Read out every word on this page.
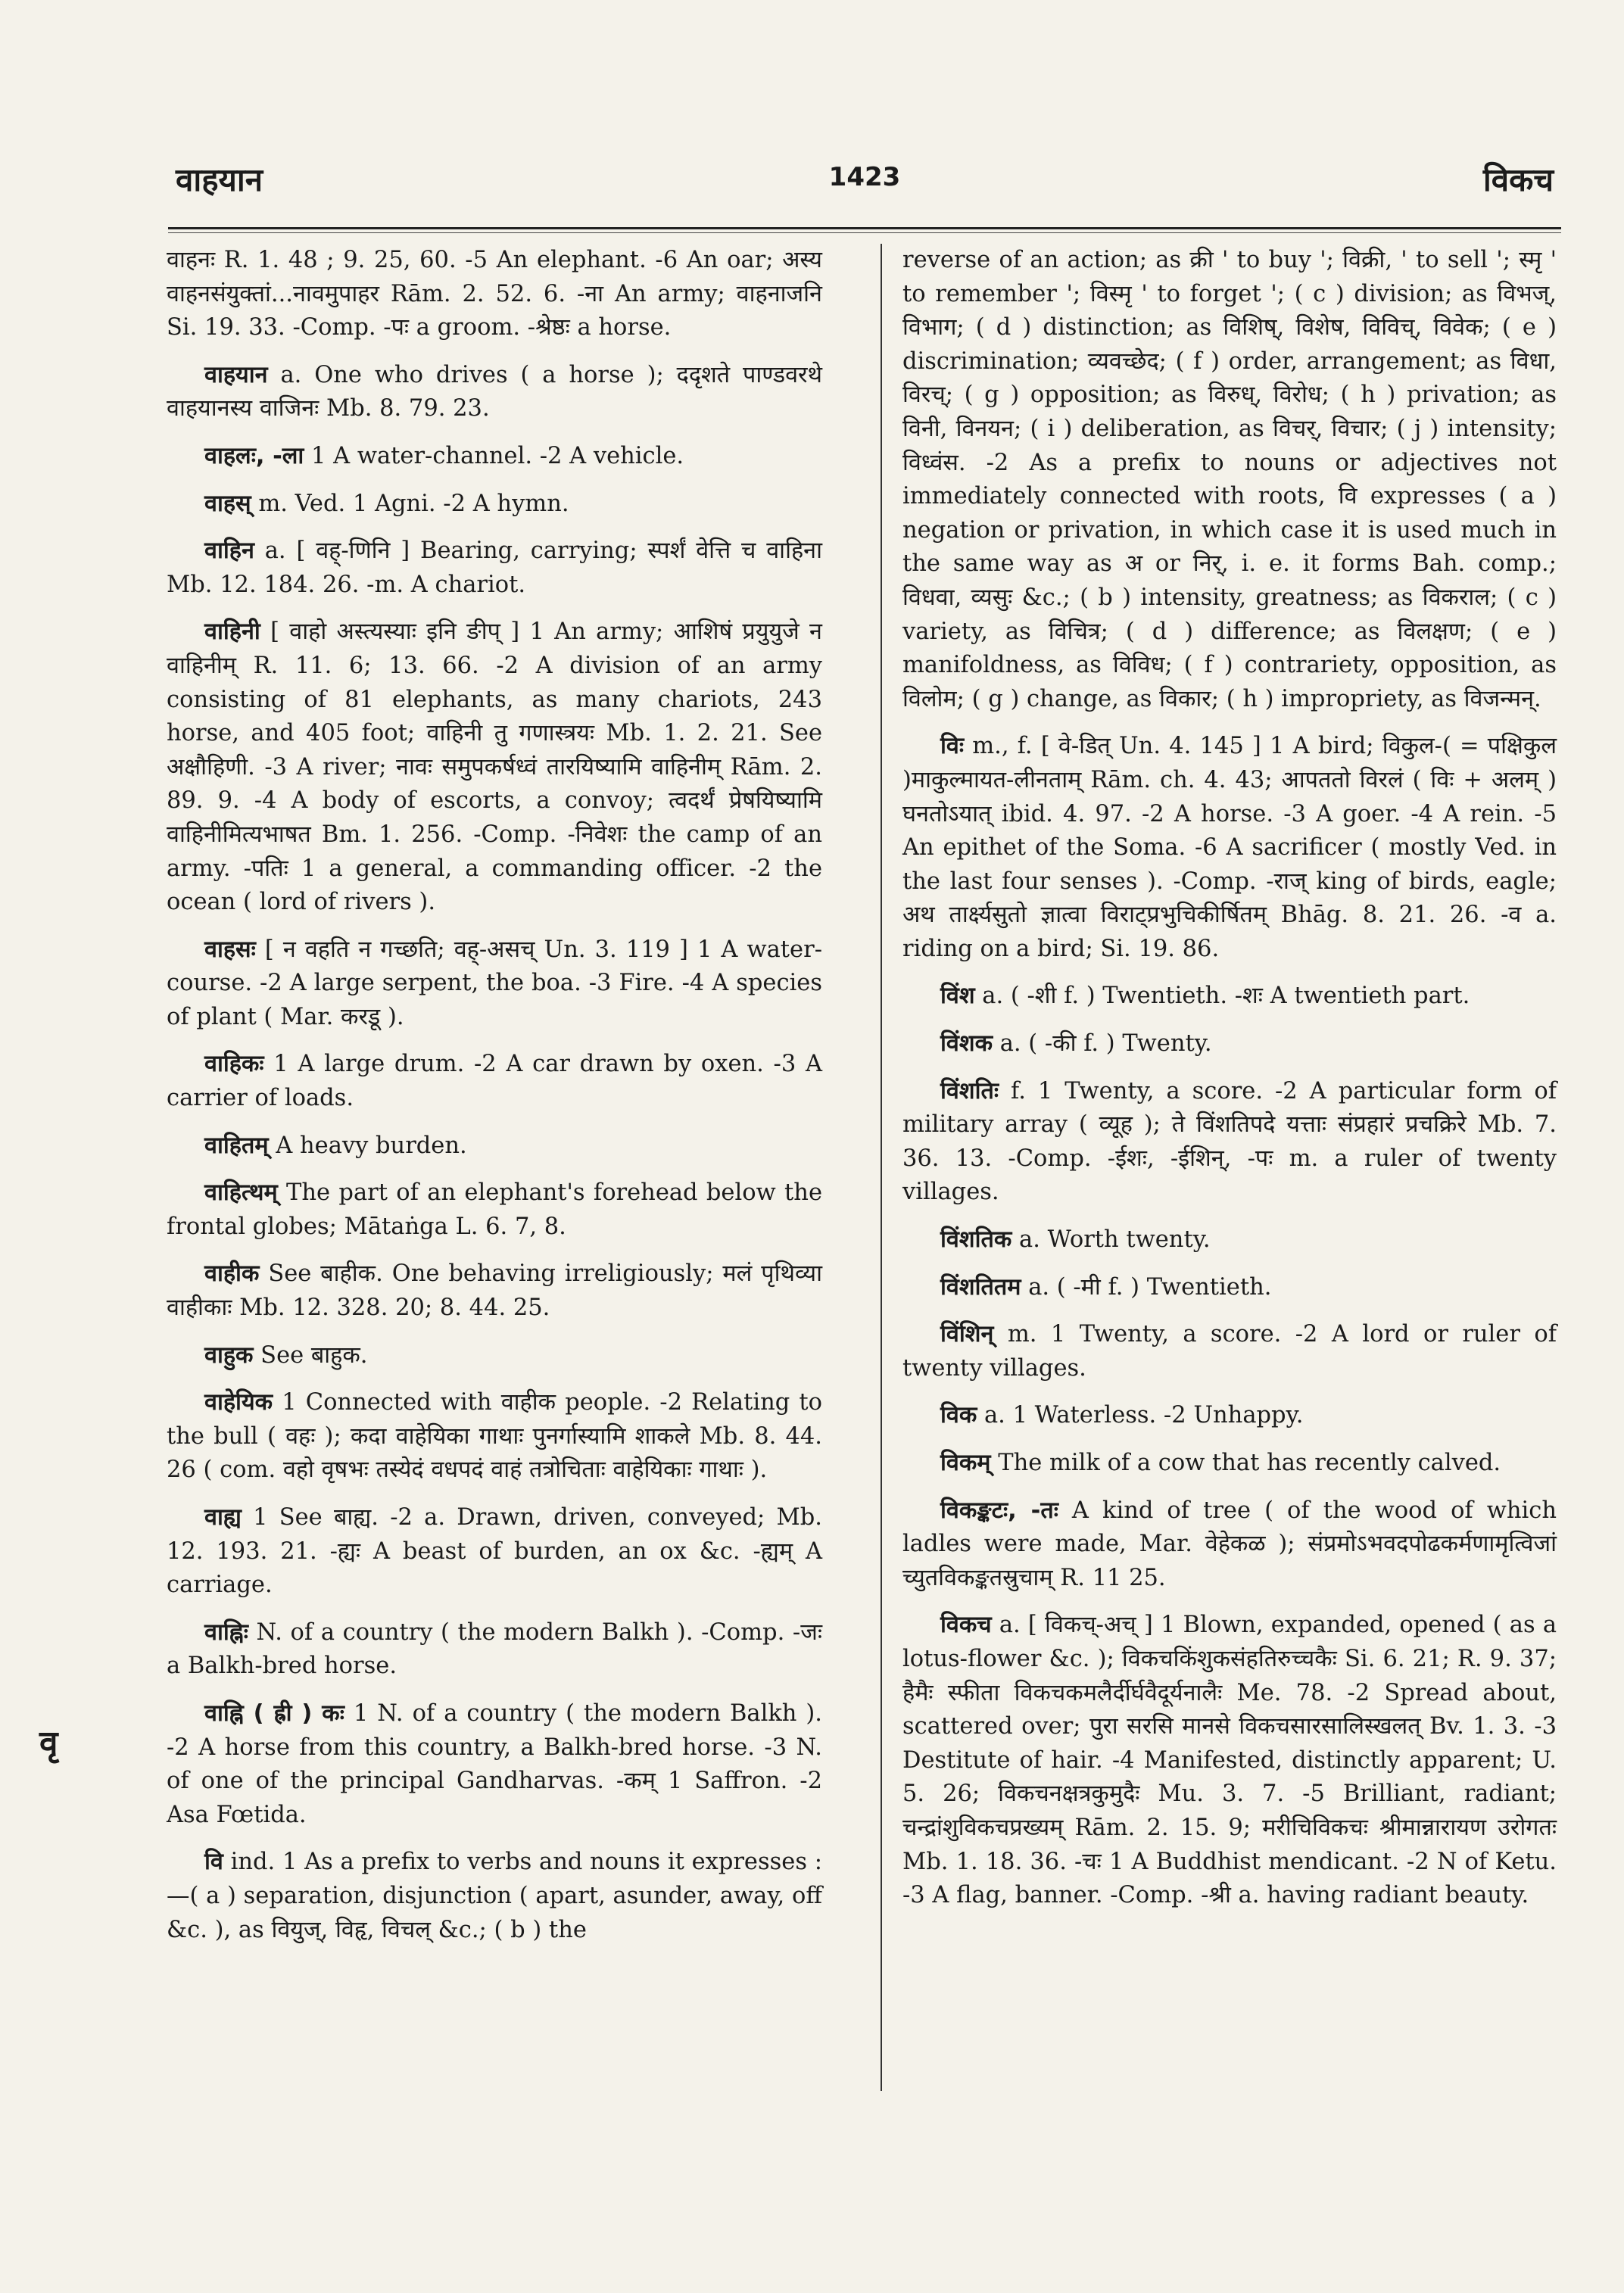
वाहयान	1423	विकच
वृ

वाहनः R. 1. 48 ; 9. 25, 60. -5 An elephant. -6 An oar; अस्य वाहनसंयुक्तां...नावमुपाहर Rām. 2. 52. 6. -ना An army; वाहनाजनि Si. 19. 33. -Comp. -पः a groom. -श्रेष्ठः a horse.

वाहयान a. One who drives ( a horse ); ददृशते पाण्डवरथे वाहयानस्य वाजिनः Mb. 8. 79. 23.

वाहलः, -ला 1 A water-channel. -2 A vehicle.

वाहस् m. Ved. 1 Agni. -2 A hymn.

वाहिन a. [ वह्-णिनि ] Bearing, carrying; स्पर्शं वेत्ति च वाहिना Mb. 12. 184. 26. -m. A chariot.

वाहिनी [ वाहो अस्त्यस्याः इनि ङीप् ] 1 An army; आशिषं प्रयुयुजे न वाहिनीम् R. 11. 6; 13. 66. -2 A division of an army consisting of 81 elephants, as many chariots, 243 horse, and 405 foot; वाहिनी तु गणास्त्रयः Mb. 1. 2. 21. See अक्षौहिणी. -3 A river; नावः समुपकर्षध्वं तारयिष्यामि वाहिनीम् Rām. 2. 89. 9. -4 A body of escorts, a convoy; त्वदर्थं प्रेषयिष्यामि वाहिनीमित्यभाषत Bm. 1. 256. -Comp. -निवेशः the camp of an army. -पतिः 1 a general, a commanding officer. -2 the ocean ( lord of rivers ).

वाहसः [ न वहति न गच्छति; वह्-असच् Un. 3. 119 ] 1 A water-course. -2 A large serpent, the boa. -3 Fire. -4 A species of plant ( Mar. करडू ).

वाहिकः 1 A large drum. -2 A car drawn by oxen. -3 A carrier of loads.

वाहितम् A heavy burden.

वाहित्थम् The part of an elephant's forehead below the frontal globes; Mātaṅga L. 6. 7, 8.

वाहीक See बाहीक. One behaving irreligiously; मलं पृथिव्या वाहीकाः Mb. 12. 328. 20; 8. 44. 25.

वाहुक See बाहुक.

वाहेयिक 1 Connected with वाहीक people. -2 Relating to the bull ( वहः ); कदा वाहेयिका गाथाः पुनर्गास्यामि शाकले Mb. 8. 44. 26 ( com. वहो वृषभः तस्येदं वधपदं वाहं तत्रोचिताः वाहेयिकाः गाथाः ).

वाह्य 1 See बाह्य. -2 a. Drawn, driven, conveyed; Mb. 12. 193. 21. -ह्यः A beast of burden, an ox &c. -ह्यम् A carriage.

वाह्निः N. of a country ( the modern Balkh ). -Comp. -जः a Balkh-bred horse.

वाह्नि ( ह्री ) कः 1 N. of a country ( the modern Balkh ). -2 A horse from this country, a Balkh-bred horse. -3 N. of one of the principal Gandharvas. -कम् 1 Saffron. -2 Asa Fœtida.

वि ind. 1 As a prefix to verbs and nouns it expresses :—( a ) separation, disjunction ( apart, asunder, away, off &c. ), as वियुज्, विहृ, विचल् &c.; ( b ) the

reverse of an action; as क्री ' to buy '; विक्री, ' to sell '; स्मृ ' to remember '; विस्मृ ' to forget '; ( c ) division; as विभज्, विभाग; ( d ) distinction; as विशिष्, विशेष, विविच्, विवेक; ( e ) discrimination; व्यवच्छेद; ( f ) order, arrangement; as विधा, विरच्; ( g ) opposition; as विरुध्, विरोध; ( h ) privation; as विनी, विनयन; ( i ) deliberation, as विचर्, विचार; ( j ) intensity; विध्वंस. -2 As a prefix to nouns or adjectives not immediately connected with roots, वि expresses ( a ) negation or privation, in which case it is used much in the same way as अ or निर्, i. e. it forms Bah. comp.; विधवा, व्यसुः &c.; ( b ) intensity, greatness; as विकराल; ( c ) variety, as विचित्र; ( d ) difference; as विलक्षण; ( e ) manifoldness, as विविध; ( f ) contrariety, opposition, as विलोम; ( g ) change, as विकार; ( h ) impropriety, as विजन्मन्.

विः m., f. [ वे-डित् Un. 4. 145 ] 1 A bird; विकुल-( = पक्षिकुल )माकुल्मायत-लीनताम् Rām. ch. 4. 43; आपततो विरलं ( विः + अलम् ) घनतोऽयात् ibid. 4. 97. -2 A horse. -3 A goer. -4 A rein. -5 An epithet of the Soma. -6 A sacrificer ( mostly Ved. in the last four senses ). -Comp. -राज् king of birds, eagle; अथ तार्क्ष्यसुतो ज्ञात्वा विराट्प्रभुचिकीर्षितम् Bhāg. 8. 21. 26. -व a. riding on a bird; Si. 19. 86.

विंश a. ( -शी f. ) Twentieth. -शः A twentieth part.

विंशक a. ( -की f. ) Twenty.

विंशतिः f. 1 Twenty, a score. -2 A particular form of military array ( व्यूह ); ते विंशतिपदे यत्ताः संप्रहारं प्रचक्रिरे Mb. 7. 36. 13. -Comp. -ईशः, -ईशिन्, -पः m. a ruler of twenty villages.

विंशतिक a. Worth twenty.

विंशतितम a. ( -मी f. ) Twentieth.

विंशिन् m. 1 Twenty, a score. -2 A lord or ruler of twenty villages.

विक a. 1 Waterless. -2 Unhappy.

विकम् The milk of a cow that has recently calved.

विकङ्कटः, -तः A kind of tree ( of the wood of which ladles were made, Mar. वेहेकळ ); संप्रमोऽभवदपोढकर्मणामृत्विजां च्युतविकङ्कतस्रुचाम् R. 11 25.

विकच a. [ विकच्-अच् ] 1 Blown, expanded, opened ( as a lotus-flower &c. ); विकचकिंशुकसंहतिरुच्चकैः Si. 6. 21; R. 9. 37; हैमैः स्फीता विकचकमलैर्दीर्घवैदूर्यनालैः Me. 78. -2 Spread about, scattered over; पुरा सरसि मानसे विकचसारसालिस्खलत् Bv. 1. 3. -3 Destitute of hair. -4 Manifested, distinctly apparent; U. 5. 26; विकचनक्षत्रकुमुदैः Mu. 3. 7. -5 Brilliant, radiant; चन्द्रांशुविकचप्रख्यम् Rām. 2. 15. 9; मरीचिविकचः श्रीमान्नारायण उरोगतः Mb. 1. 18. 36. -चः 1 A Buddhist mendicant. -2 N of Ketu. -3 A flag, banner. -Comp. -श्री a. having radiant beauty.
